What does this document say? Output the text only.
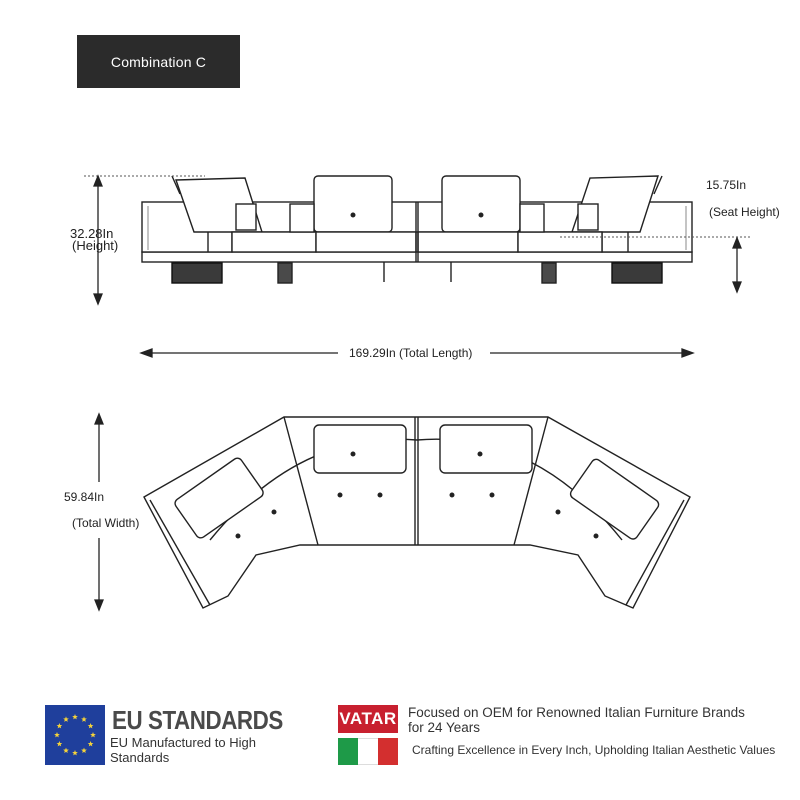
Combination C
32.28In
(Height)
15.75In
(Seat Height)
169.29In (Total Length)
59.84In
(Total Width)
EU STANDARDS
EU Manufactured to High Standards
VATAR Focused on OEM for Renowned Italian Furniture Brands for 24 Years
Crafting Excellence in Every Inch, Upholding Italian Aesthetic Values
